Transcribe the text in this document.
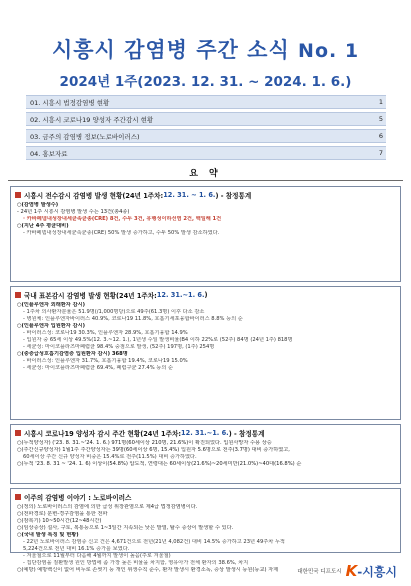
시흥시 감염병 주간 소식 No. 1
2024년 1주(2023. 12. 31. ~ 2024. 1. 6.)
01. 시흥시 법정감염병 현황	1
02. 시흥시 코로나19 양성자 주간감시 현황	5
03. 금주의 감염병 정보(노로바이러스)	6
04. 홍보자료	7
요 약
시흥시 전수감시 감염병 발생 현황(24년 1주차: 12. 31. ~ 1. 6. ) - 참정통계
○(감염병 발생수)
- 24년 1주 시흥시 감염병 발생 수는 13건(총4종)
· 카바페넴내성장내세균속균종(CRE) 8건, 수두 3건, 유행성이하선염 2건, 백일해 1건
○(지난 4주 평균대비)
- 카바페넴내성장내세균속균종(CRE) 50% 발생 증가하고, 수두 50% 발생 감소하였다.
국내 표본감시 감염병 발생 현황(24년 1주차: 12. 31.~1. 6. )
○(인플루엔자 외래환자 감시)
- 1주차 의사환자분율은 51.9명(/1,000명당)으로 49주(61.3명) 이후 다소 감소
- 병원체: 인플루엔자바이러스 40.9%, 코로나19 11.8%, 호흡기세포융합바이러스 8.8% 등의 순
○(인플루엔자 입원환자 감시)
- 바이러스성: 코로나19 30.3%, 인플루엔자 28.9%, 호흡기융합 14.9%
- 입원자 중 65세 이상 49.5%(12. 3.~12. 1.), 1년생 수일 발생비율(B4 이하 22%로 (52주) 84명 (24년 1주) 818명
- 세균성: 마이코플라즈마폐렴균 98.4% 중점으로 발생, (52주) 197명, (1주) 254명
○(중증급성호흡기감염증 입원환자 감시) 368명
- 바이러스성: 인플루엔자 31.7%, 호흡기융합 19.4%, 코로나19 15.0%
- 세균성: 마이코플라즈마폐렴균 69.4%, 폐렴구균 27.4% 등의 순
시흥시 코로나19 양성자 감시 주간 현황(24년 1주차: 12. 31.~1. 6. ) - 참정통계
○(누적양성자) ('23. 8. 31.~'24. 1. 6.) 971명(60세이상 210명, 21.6%)이 확진되었다. 입원사망자 수용 상승
○(주간신규양성자) 1월1주 주간양성자는 39명(60세이상 6명, 15.4%) 입원자 5.6명으로 전주(3.7명) 대비 증가하였고,
60세이상 주간 신규 양성자 비중은 15.4%로 전주(11.5%) 대비 증가하였다.
○(누적 '23. 8. 31 ~ '24. 1. 6) 이상이(54.8%) 압도적, 연령대는 60세이상(21.6%)~20세미만(21.0%)~40대(16.8%) 순
이주의 감염병 이야기 : 노로바이러스
○(정의) 노로바이러스의 감염에 의한 급성 위장관염으로 제4급 법정감염병이다.
○(전파경로) 분변-경구감염을 통한 전파
○(잠복기) 10~50시간(12~48시간)
○(임상증상) 설사, 구토, 복통등으로 1~3일간 지속되는 낮은 발열, 탈수 증상이 발생할 수 있다.
○(국내 발생 특징 및 현황)
- 22년 노로바이러스 감염증 신고 건은 4,671건으로 전년(21년 4,082건) 대비 14.5% 증가하고 23년 49주차 누적
5,224건으로 전년 대비 16.1% 증가를 보였다.
- 겨울철으로 11월부터 다음해 4월까지 발생이 높음(주로 겨울철)
- 집단감염을 질환발생 원인 방법에 좀 가장 높은 비율을 차지함, 영유아가 전체 환자의 38.6%, 차지
○(예방) 예방백신이 없어 비누로 손씻기 등 개인 위생수칙 준수, 환자 발생시 환경소독, 증상 발생시 등원(등교) 자제	대한민국 디프도시 K - 시흥시
